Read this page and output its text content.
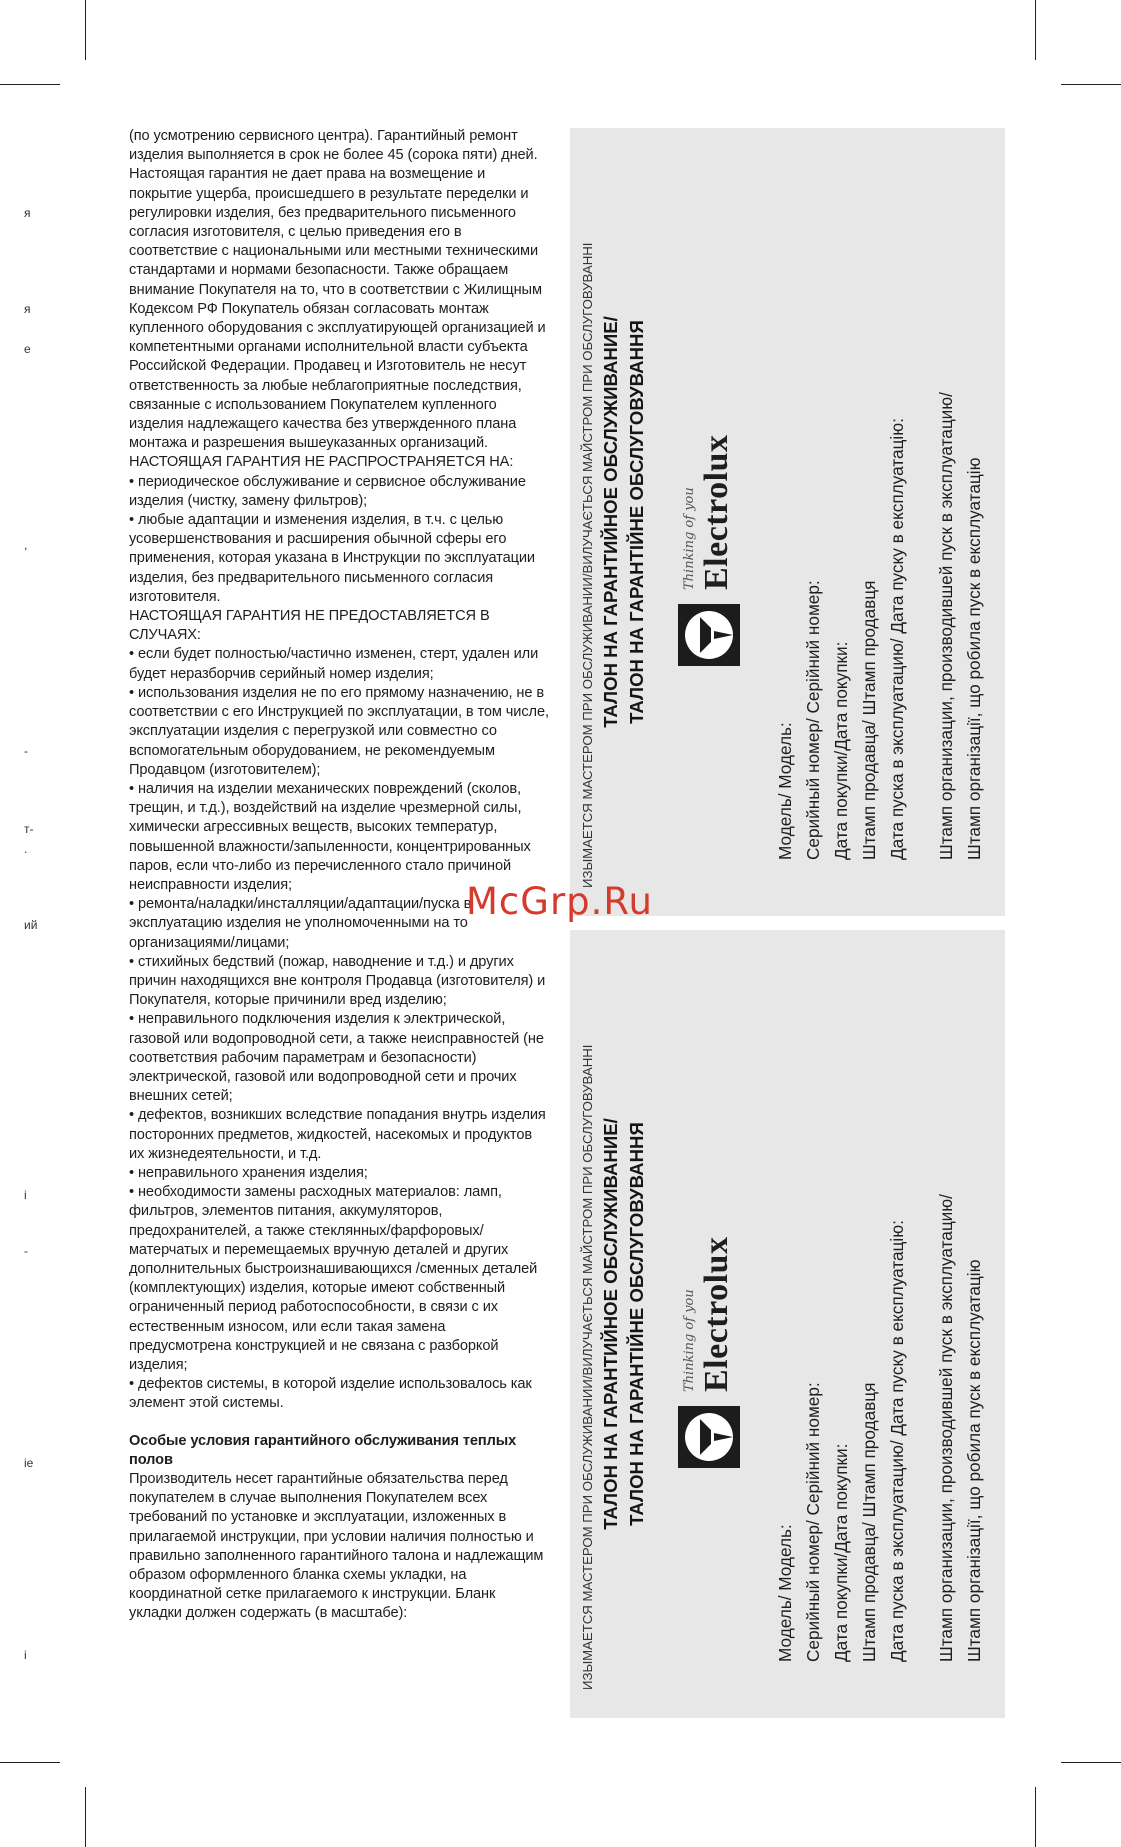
я
я
е
,
-
т-
.
ий
і
-
іе
і

(по усмотрению сервисного центра). Гарантийный ремонт изделия выполняется в срок не более 45 (сорока пяти) дней.

Настоящая гарантия не дает права на возмещение и покрытие ущерба, происшедшего в результате переделки и регулировки изделия, без предварительного письменного согласия изготовителя, с целью приведения его в соответствие с национальными или местными техническими стандартами и нормами безопасности. Также обращаем внимание Покупателя на то, что в соответствии с Жилищным Кодексом РФ Покупатель обязан согласовать монтаж купленного оборудования с эксплуатирующей организацией и компетентными органами исполнительной власти субъекта Российской Федерации. Продавец и Изготовитель не несут ответственность за любые неблагоприятные последствия, связанные с использованием Покупателем купленного изделия надлежащего качества без утвержденного плана монтажа и разрешения вышеуказанных организаций.

НАСТОЯЩАЯ ГАРАНТИЯ НЕ РАСПРОСТРАНЯЕТСЯ НА:

• периодическое обслуживание и сервисное обслуживание изделия (чистку, замену фильтров);

• любые адаптации и изменения изделия, в т.ч. с целью усовершенствования и расширения обычной сферы его применения, которая указана в Инструкции по эксплуатации изделия, без предварительного письменного согласия изготовителя.

НАСТОЯЩАЯ ГАРАНТИЯ НЕ ПРЕДОСТАВЛЯЕТСЯ В СЛУЧАЯХ:

• если будет полностью/частично изменен, стерт, удален или будет неразборчив серийный номер изделия;

• использования изделия не по его прямому назначению, не в соответствии с его Инструкцией по эксплуатации, в том числе, эксплуатации изделия с перегрузкой или совместно со вспомогательным оборудованием, не рекомендуемым Продавцом (изготовителем);

• наличия на изделии механических повреждений (сколов, трещин, и т.д.), воздействий на изделие чрезмерной силы, химически агрессивных веществ, высоких температур, повышенной влажности/запыленности, концентрированных паров, если что-либо из перечисленного стало причиной неисправности изделия;

• ремонта/наладки/инсталляции/адаптации/пуска в эксплуатацию изделия не уполномоченными на то организациями/лицами;

• стихийных бедствий (пожар, наводнение и т.д.) и других причин находящихся вне контроля Продавца (изготовителя) и Покупателя, которые причинили вред изделию;

• неправильного подключения изделия к электрической, газовой или водопроводной сети, а также неисправностей (не соответствия рабочим параметрам и безопасности) электрической, газовой или водопроводной сети и прочих внешних сетей;

• дефектов, возникших вследствие попадания внутрь изделия посторонних предметов, жидкостей, насекомых и продуктов их жизнедеятельности, и т.д.

• неправильного хранения изделия;

• необходимости замены расходных материалов: ламп, фильтров, элементов питания, аккумуляторов, предохранителей, а также стеклянных/фарфоровых/матерчатых и перемещаемых вручную деталей и других дополнительных быстроизнашивающихся /сменных деталей (комплектующих) изделия, которые имеют собственный ограниченный период работоспособности, в связи с их естественным износом, или если такая замена предусмотрена конструкцией и не связана с разборкой изделия;

• дефектов системы, в которой изделие использовалось как элемент этой системы.

Особые условия гарантийного обслуживания теплых полов

Производитель несет гарантийные обязательства перед покупателем в случае выполнения Покупателем всех требований по установке и эксплуатации, изложенных в прилагаемой инструкции, при условии наличия полностью и правильно заполненного гарантийного талона и надлежащим образом оформленного бланка схемы укладки, на координатной сетке прилагаемого к инструкции. Бланк укладки должен содержать (в масштабе):

ИЗЫМАЕТСЯ МАСТЕРОМ ПРИ ОБСЛУЖИВАНИИ/ВИЛУЧАЄТЬСЯ МАЙСТРОМ ПРИ ОБСЛУГОВУВАННІ ТАЛОН НА ГАРАНТИЙНОЕ ОБСЛУЖИВАНИЕ/ ТАЛОН НА ГАРАНТІЙНЕ ОБСЛУГОВУВАННЯ	Thinking of you Electrolux
Модель/ Модель: Серийный номер/ Серійний номер: Дата покупки/Дата покупки: Штамп продавца/ Штамп продавця Дата пуска в эксплуатацию/ Дата пуску в експлуатацію: Штамп организации, производившей пуск в эксплуатацию/ Штамп організації, що робила пуск в експлуатацію
ИЗЫМАЕТСЯ МАСТЕРОМ ПРИ ОБСЛУЖИВАНИИ/ВИЛУЧАЄТЬСЯ МАЙСТРОМ ПРИ ОБСЛУГОВУВАННІ ТАЛОН НА ГАРАНТИЙНОЕ ОБСЛУЖИВАНИЕ/ ТАЛОН НА ГАРАНТІЙНЕ ОБСЛУГОВУВАННЯ	Thinking of you Electrolux
Модель/ Модель: Серийный номер/ Серійний номер: Дата покупки/Дата покупки: Штамп продавца/ Штамп продавця Дата пуска в эксплуатацию/ Дата пуску в експлуатацію: Штамп организации, производившей пуск в эксплуатацию/ Штамп організації, що робила пуск в експлуатацію
McGrp.Ru
